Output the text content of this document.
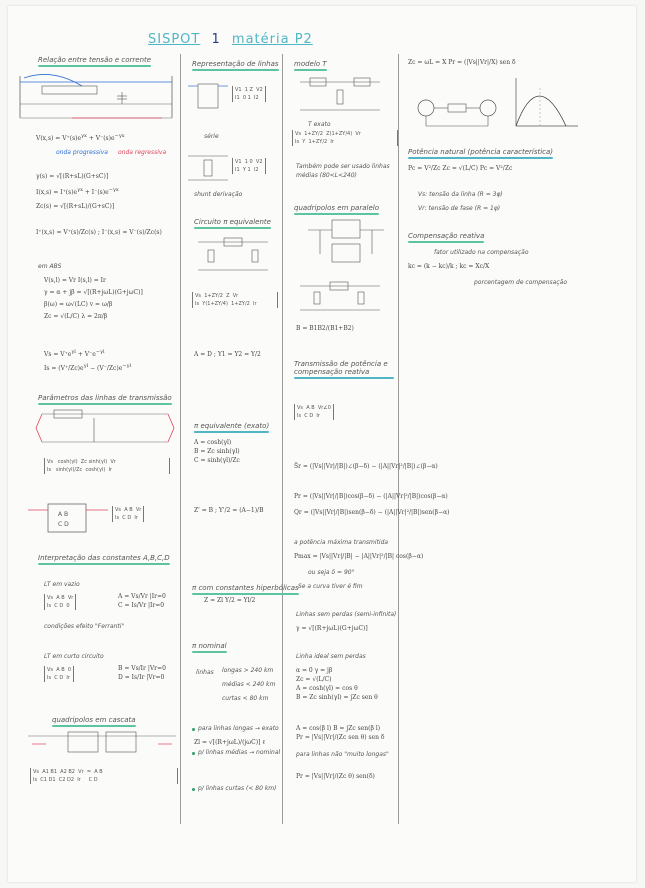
SISPOT 1 matéria P2
Relação entre tensão e corrente
$V(x,s) = V^+(s)e^{\gamma x} + V^-(s)e^{-\gamma x}$
onda progressiva onda regressiva
γ(s) = √[(R+sL)(G+sC)]
$I(x,s) = I^+(s)e^{\gamma x} + I^-(s)e^{-\gamma x}$
Zc(s) = √[(R+sL)/(G+sC)]
I⁺(x,s) = V⁺(s)/Zc(s) ; I⁻(x,s) = V⁻(s)/Zc(s)
em ABS
V(s,l) = Vr I(s,l) = Ir
γ = α + jβ = √[(R+jωL)(G+jωC)]
β(ω) = ω√(LC) v = ω/β
Zc = √(L/C) λ = 2π/β
$Vs = V^+e^{\gamma l} + V^-e^{-\gamma l}$
$Is = (V^+/Zc)e^{\gamma l} - (V^-/Zc)e^{-\gamma l}$
Parâmetros das linhas de transmissão
Vs   cosh(γl)  Zc sinh(γl)  Vr
Is   sinh(γl)/Zc  cosh(γl)  Ir
A B
C D
Vs  A B  Vr
Is  C D  Ir
Interpretação das constantes A,B,C,D
LT em vazio
Vs  A B  Vr
Is  C D  0
A = Vs/Vr |Ir=0
C = Is/Vr |Ir=0
condições efeito "Ferranti"
LT em curto circuito
Vs  A B  0
Is  C D  Ir
B = Vs/Ir |Vr=0
D = Is/Ir |Vr=0
quadripolos em cascata
Vs  A1 B1  A2 B2  Vr  =  A B
Is  C1 D1  C2 D2  Ir     C D
Representação de linhas
V1  1 Z  V2
I1  0 1  I2
série
V1  1 0  V2
I1  Y 1  I2
shunt derivação
Circuito π equivalente
Vs  1+ZY/2  Z  Vr
Is  Y(1+ZY/4)  1+ZY/2  Ir
A = D ; Y1 = Y2 = Y/2
π equivalente (exato)
A = cosh(γl)
B = Zc sinh(γl)
C = sinh(γl)/Zc
Z' = B ; Y'/2 = (A−1)/B
π com constantes hiperbólicas
Z = Zl Y/2 = Yl/2
π nominal
linhas longas > 240 km
médias < 240 km
curtas < 80 km
para linhas longas → exato
Zl = √[(R+jωL)/(jωC)] ℓ
p/ linhas médias → nominal
p/ linhas curtas (< 80 km)
modelo T
T exato
Vs  1+ZY/2  Z(1+ZY/4)  Vr
Is  Y  1+ZY/2  Ir
Também pode ser usado linhas médias (80<L<240)
quadripolos em paralelo
B = B1B2/(B1+B2)
Transmissão de potência e compensação reativa
Vs  A B  Vr∠0
Is  C D  Ir
S̄r = (|Vs||Vr|/|B|)∠(β−δ) − (|A||Vr|²/|B|)∠(β−α)
Pr = (|Vs||Vr|/|B|)cos(β−δ) − (|A||Vr|²/|B|)cos(β−α)
Qr = (|Vs||Vr|/|B|)sen(β−δ) − (|A||Vr|²/|B|)sen(β−α)
a potência máxima transmitida
Pmax = |Vs||Vr|/|B| − |A||Vr|²/|B| cos(β−α)
ou seja δ = 90°
Se a curva tiver é fim
Linhas sem perdas (semi-infinita)
γ = √[(R+jωL)(G+jωC)]
Linha ideal sem perdas
α = 0 γ = jβ
Zc = √(L/C)
A = cosh(γl) = cos θ
B = Zc sinh(γl) = jZc sen θ
A = cos(β l) B = jZc sen(β l)
Pr = |Vs||Vr|/(Zc sen θ) sen δ
para linhas não "muito longas"
Pr = |Vs||Vr|/(Zc θ) sen(δ)
Zc = ωL = X Pr = (|Vs||Vr|/X) sen δ
Potência natural (potência característica)
Pc = V²/Zc Zc = √(L/C) Pc = V²/Zc
Vs: tensão da linha (R = 3φ)
Vr: tensão de fase (R = 1φ)
Compensação reativa
fator utilizado na compensação
kc = (k − kc)/k ; kc = Xc/X
porcentagem de compensação
